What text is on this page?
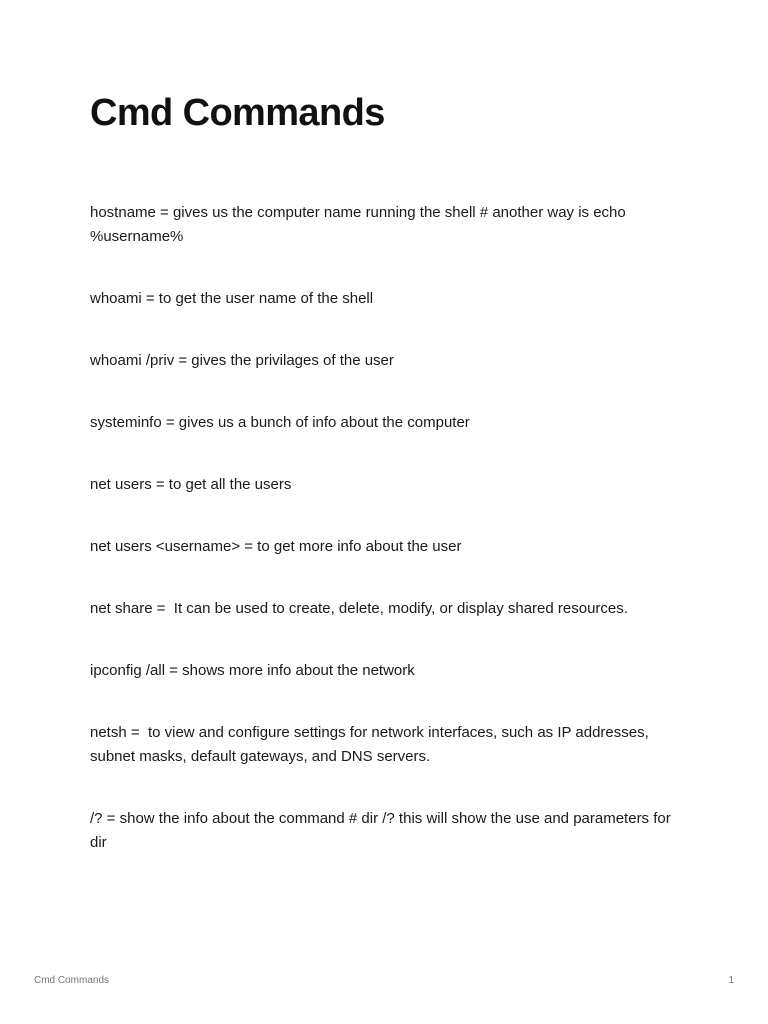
Cmd Commands

hostname = gives us the computer name running the shell # another way is echo %username%

whoami = to get the user name of the shell

whoami /priv = gives the privilages of the user

systeminfo = gives us a bunch of info about the computer

net users = to get all the users

net users <username> = to get more info about the user

net share =  It can be used to create, delete, modify, or display shared resources.

ipconfig /all = shows more info about the network

netsh =  to view and configure settings for network interfaces, such as IP addresses, subnet masks, default gateways, and DNS servers.

/? = show the info about the command # dir /? this will show the use and parameters for dir

Cmd Commands	1
